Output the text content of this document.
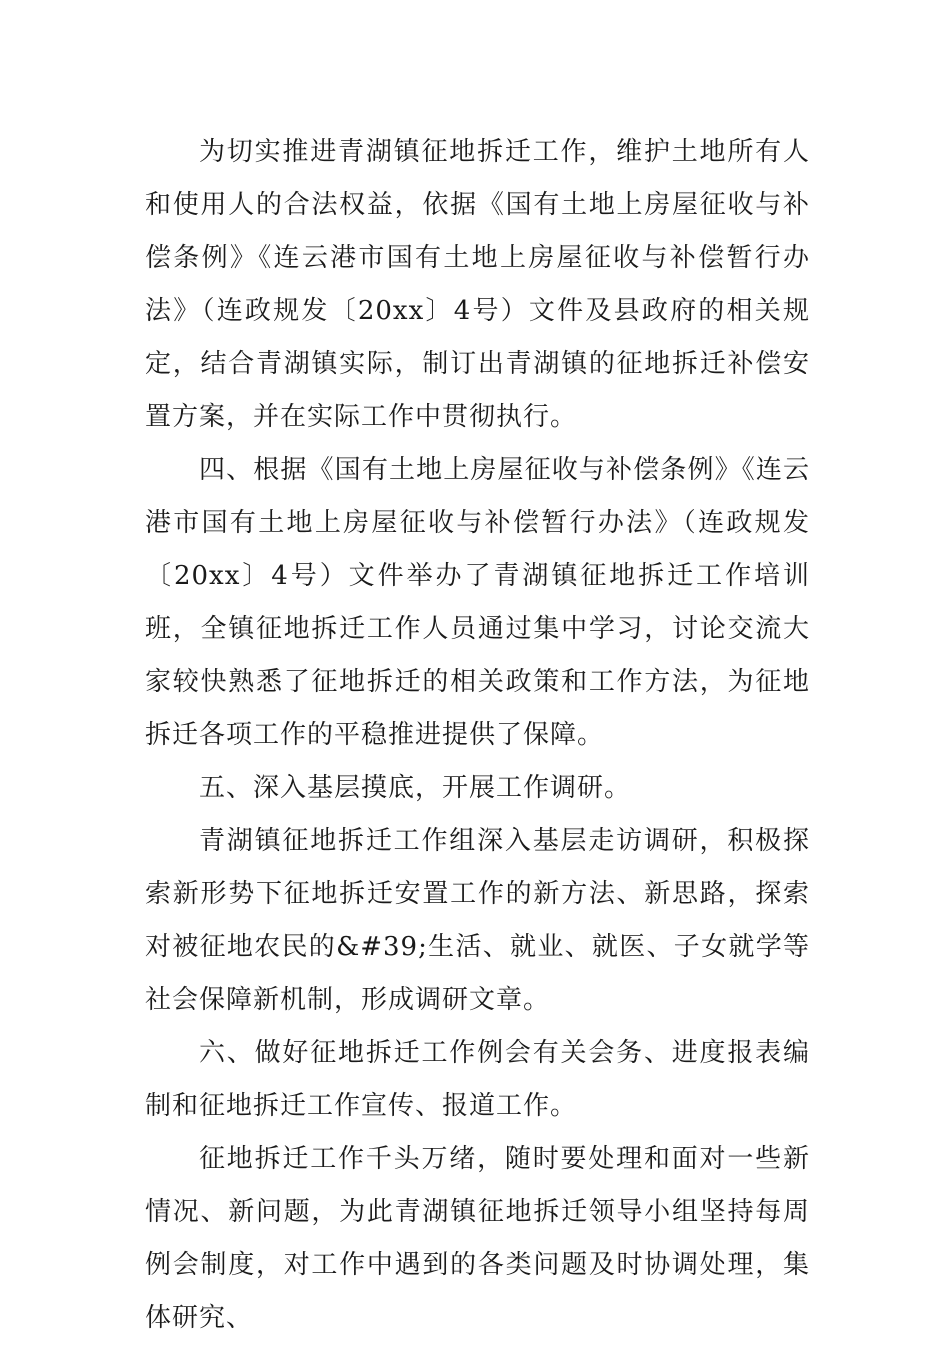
为切实推进青湖镇征地拆迁工作，维护土地所有人和使用人的合法权益，依据《国有土地上房屋征收与补偿条例》《连云港市国有土地上房屋征收与补偿暂行办法》（连政规发〔20xx〕4号）文件及县政府的相关规定，结合青湖镇实际，制订出青湖镇的征地拆迁补偿安置方案，并在实际工作中贯彻执行。

四、根据《国有土地上房屋征收与补偿条例》《连云港市国有土地上房屋征收与补偿暂行办法》（连政规发〔20xx〕4号）文件举办了青湖镇征地拆迁工作培训班，全镇征地拆迁工作人员通过集中学习，讨论交流大家较快熟悉了征地拆迁的相关政策和工作方法，为征地拆迁各项工作的平稳推进提供了保障。

五、深入基层摸底，开展工作调研。

青湖镇征地拆迁工作组深入基层走访调研，积极探索新形势下征地拆迁安置工作的新方法、新思路，探索对被征地农民的&#39;生活、就业、就医、子女就学等社会保障新机制，形成调研文章。

六、做好征地拆迁工作例会有关会务、进度报表编制和征地拆迁工作宣传、报道工作。

征地拆迁工作千头万绪，随时要处理和面对一些新情况、新问题，为此青湖镇征地拆迁领导小组坚持每周例会制度，对工作中遇到的各类问题及时协调处理，集体研究、
